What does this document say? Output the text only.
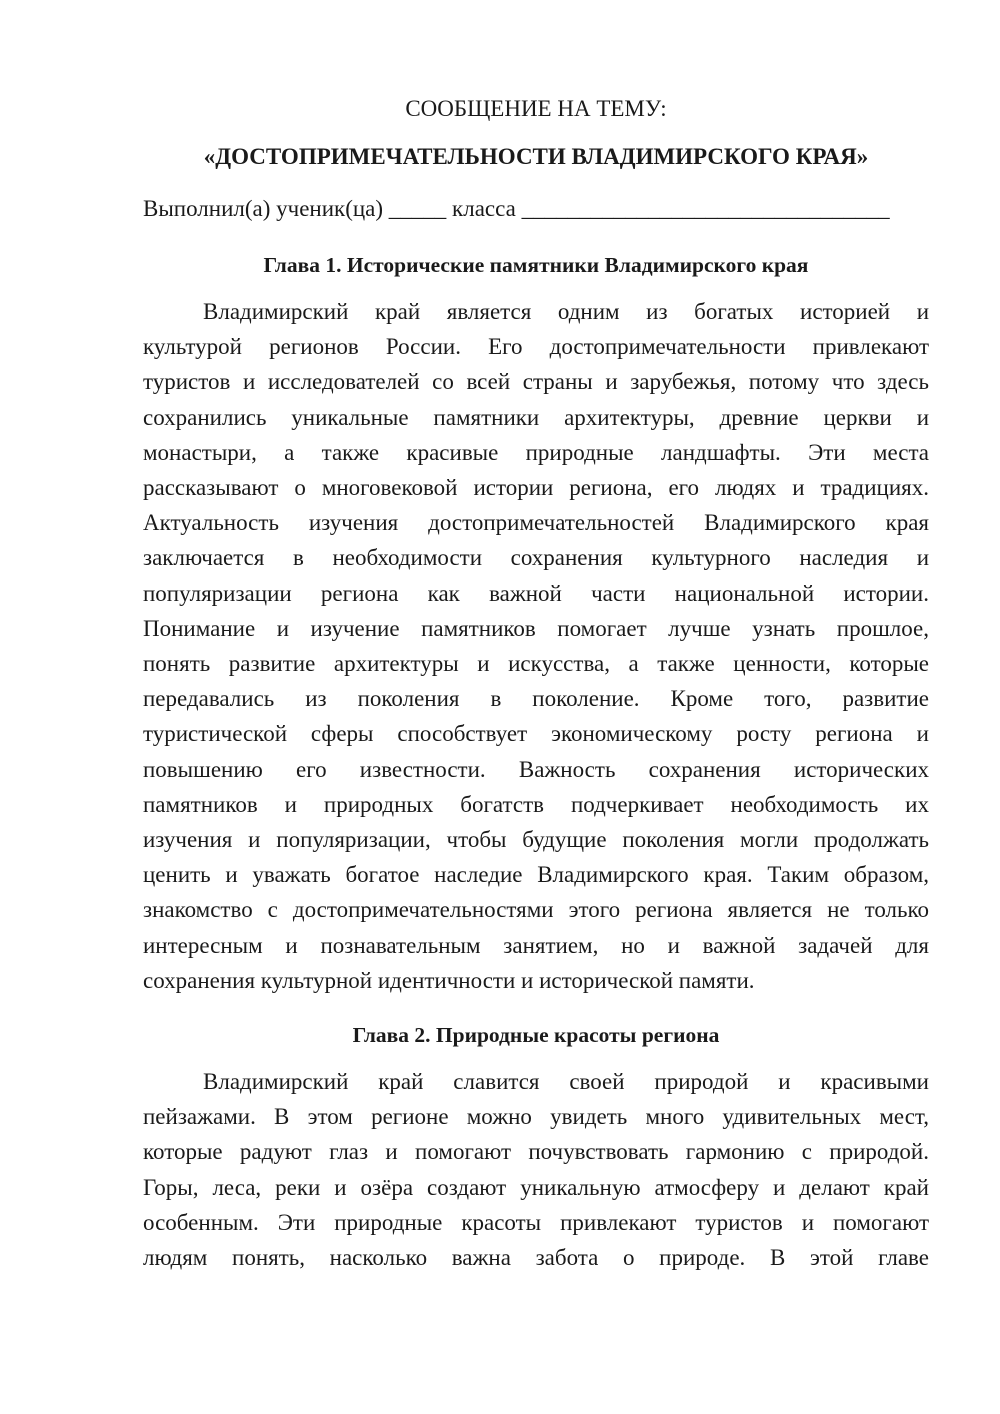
СООБЩЕНИЕ НА ТЕМУ:

«ДОСТОПРИМЕЧАТЕЛЬНОСТИ ВЛАДИМИРСКОГО КРАЯ»

Выполнил(а) ученик(ца) _____ класса ________________________________
Глава 1. Исторические памятники Владимирского края
Владимирский край является одним из богатых историей и
культурой регионов России. Его достопримечательности привлекают
туристов и исследователей со всей страны и зарубежья, потому что здесь
сохранились уникальные памятники архитектуры, древние церкви и
монастыри, а также красивые природные ландшафты. Эти места
рассказывают о многовековой истории региона, его людях и традициях.
Актуальность изучения достопримечательностей Владимирского края
заключается в необходимости сохранения культурного наследия и
популяризации региона как важной части национальной истории.
Понимание и изучение памятников помогает лучше узнать прошлое,
понять развитие архитектуры и искусства, а также ценности, которые
передавались из поколения в поколение. Кроме того, развитие
туристической сферы способствует экономическому росту региона и
повышению его известности. Важность сохранения исторических
памятников и природных богатств подчеркивает необходимость их
изучения и популяризации, чтобы будущие поколения могли продолжать
ценить и уважать богатое наследие Владимирского края. Таким образом,
знакомство с достопримечательностями этого региона является не только
интересным и познавательным занятием, но и важной задачей для
сохранения культурной идентичности и исторической памяти.
Глава 2. Природные красоты региона
Владимирский край славится своей природой и красивыми
пейзажами. В этом регионе можно увидеть много удивительных мест,
которые радуют глаз и помогают почувствовать гармонию с природой.
Горы, леса, реки и озёра создают уникальную атмосферу и делают край
особенным. Эти природные красоты привлекают туристов и помогают
людям понять, насколько важна забота о природе. В этой главе
